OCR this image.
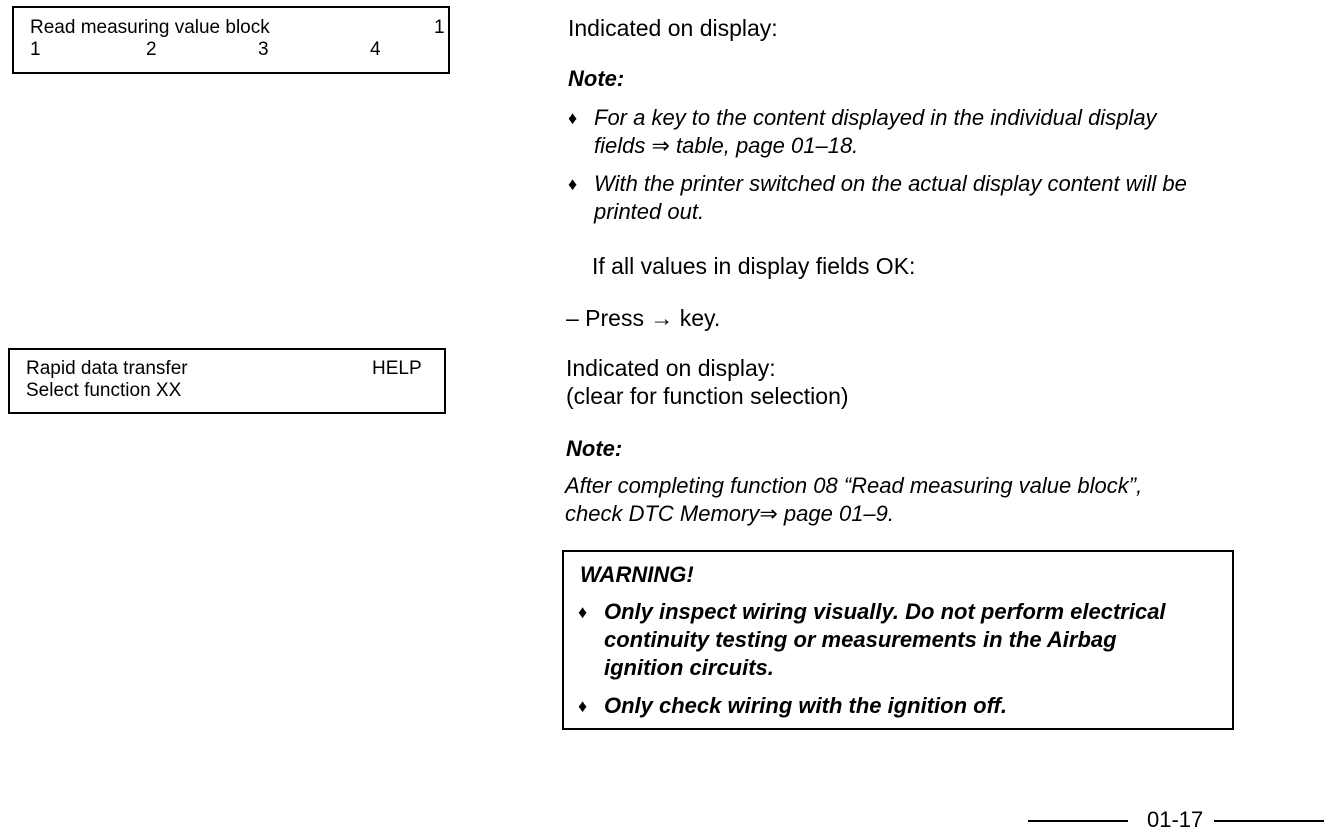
Read measuring value block	1
1	2	3	4
Rapid data transfer	HELP
Select function XX
Indicated on display:
Note:
♦ For a key to the content displayed in the individual display
fields ⇒ table, page 01–18.
♦ With the printer switched on the actual display content will be
printed out.
If all values in display fields OK:
– Press → key.
Indicated on display:
(clear for function selection)
Note:
After completing function 08 “Read measuring value block”,
check DTC Memory⇒ page 01–9.
WARNING!
♦ Only inspect wiring visually. Do not perform electrical
continuity testing or measurements in the Airbag
ignition circuits.
♦ Only check wiring with the ignition off.
01-17
